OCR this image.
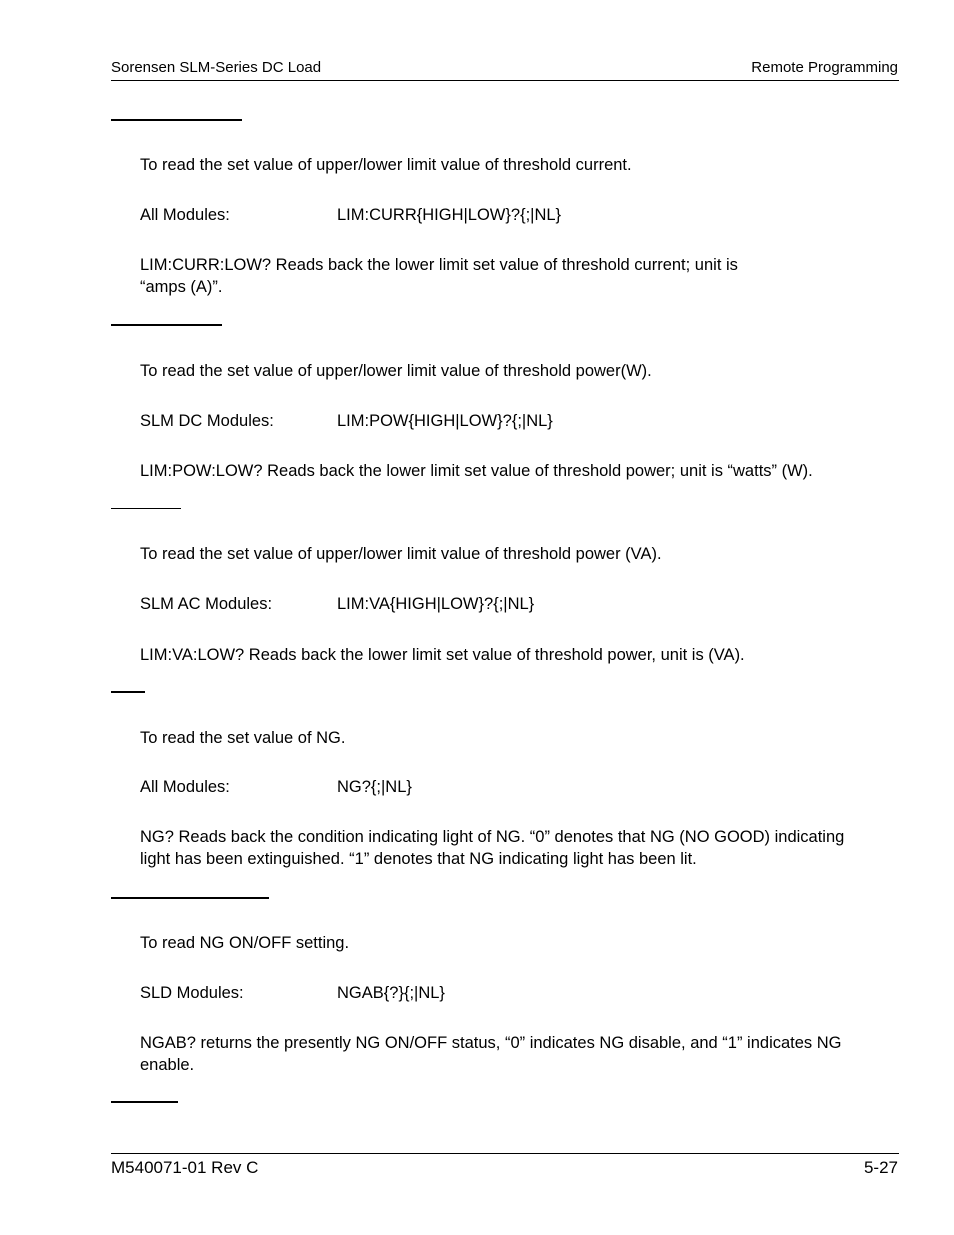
Sorensen SLM-Series DC Load	Remote Programming
To read the set value of upper/lower limit value of threshold current.
All Modules:	LIM:CURR{HIGH|LOW}?{;|NL}
LIM:CURR:LOW? Reads back the lower limit set value of threshold current; unit is
“amps (A)”.
To read the set value of upper/lower limit value of threshold power(W).
SLM DC Modules:	LIM:POW{HIGH|LOW}?{;|NL}
LIM:POW:LOW? Reads back the lower limit set value of threshold power; unit is “watts” (W).
To read the set value of upper/lower limit value of threshold power (VA).
SLM AC Modules:	LIM:VA{HIGH|LOW}?{;|NL}
LIM:VA:LOW? Reads back the lower limit set value of threshold power, unit is (VA).
To read the set value of NG.
All Modules:	NG?{;|NL}
NG? Reads back the condition indicating light of NG. “0” denotes that NG (NO GOOD) indicating
light has been extinguished. “1” denotes that NG indicating light has been lit.
To read NG ON/OFF setting.
SLD Modules:	NGAB{?}{;|NL}
NGAB? returns the presently NG ON/OFF status, “0” indicates NG disable, and “1” indicates NG
enable.
M540071-01 Rev C	5-27
